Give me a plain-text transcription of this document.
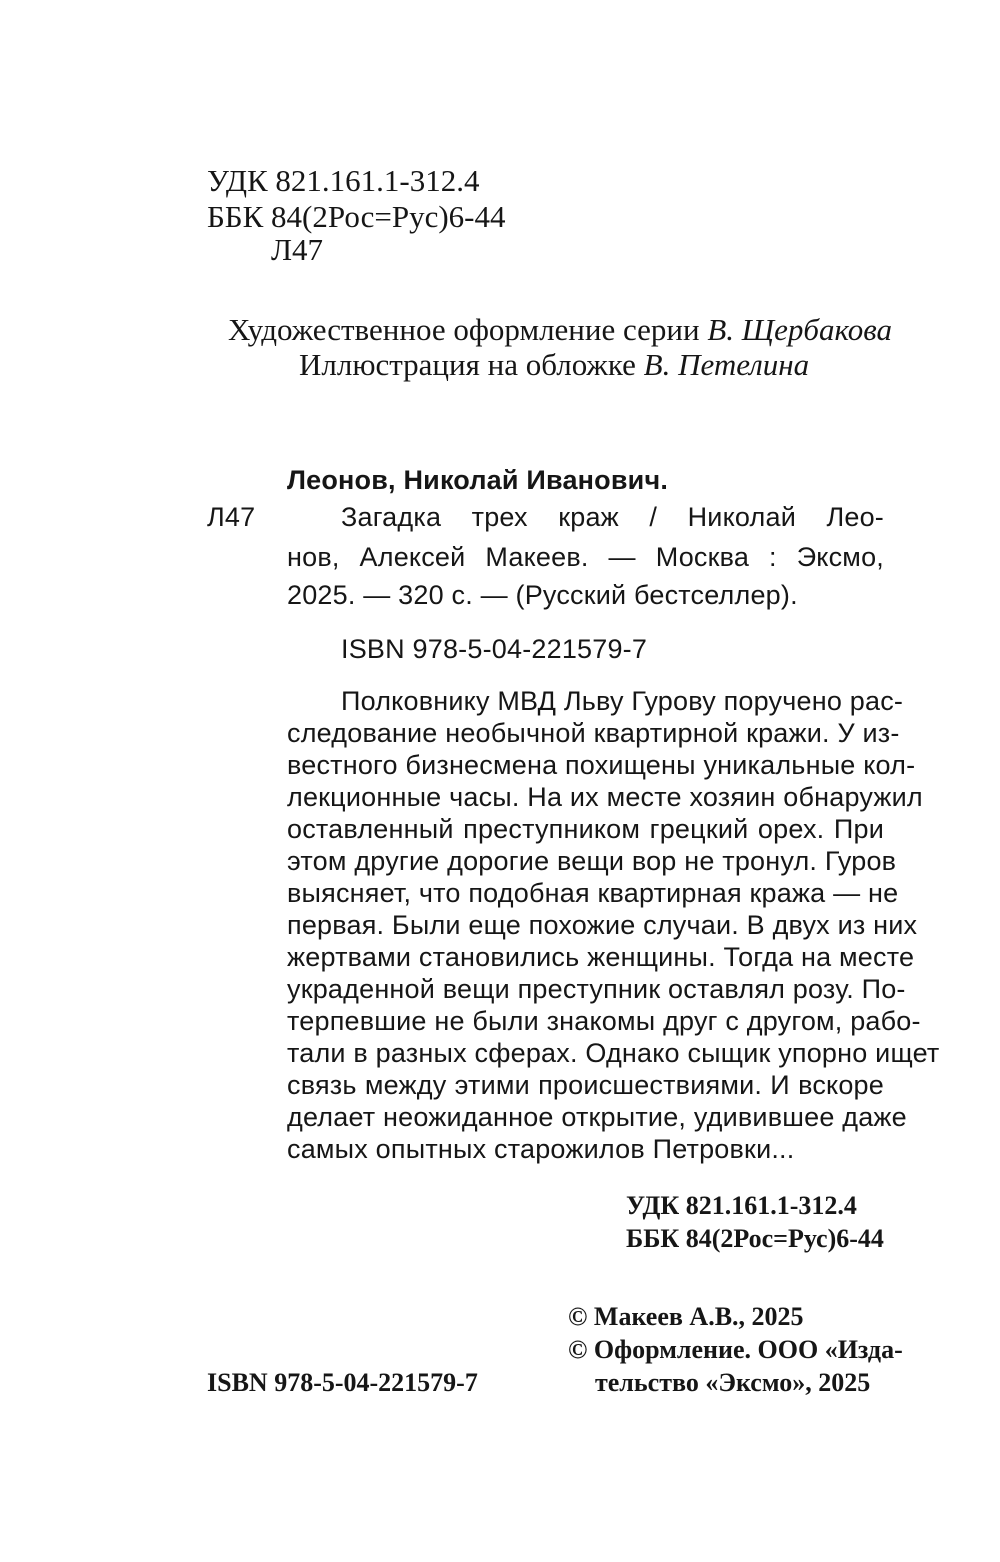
УДК 821.161.1-312.4
ББК 84(2Рос=Рус)6-44
Л47
Художественное оформление серии В. Щербакова
Иллюстрация на обложке В. Петелина
Леонов, Николай Иванович.
Л47	Загадка трех краж / Николай Лео-
нов, Алексей Макеев. — Москва : Эксмо,
2025. — 320 с. — (Русский бестселлер).
ISBN 978-5-04-221579-7
Полковнику МВД Льву Гурову поручено рас-
следование необычной квартирной кражи. У из-
вестного бизнесмена похищены уникальные кол-
лекционные часы. На их месте хозяин обнаружил
оставленный преступником грецкий орех. При
этом другие дорогие вещи вор не тронул. Гуров
выясняет, что подобная квартирная кража — не
первая. Были еще похожие случаи. В двух из них
жертвами становились женщины. Тогда на месте
украденной вещи преступник оставлял розу. По-
терпевшие не были знакомы друг с другом, рабо-
тали в разных сферах. Однако сыщик упорно ищет
связь между этими происшествиями. И вскоре
делает неожиданное открытие, удивившее даже
самых опытных старожилов Петровки...
УДК 821.161.1-312.4
ББК 84(2Рос=Рус)6-44
© Макеев А.В., 2025
© Оформление. ООО «Изда-
тельство «Эксмо», 2025
ISBN 978-5-04-221579-7
